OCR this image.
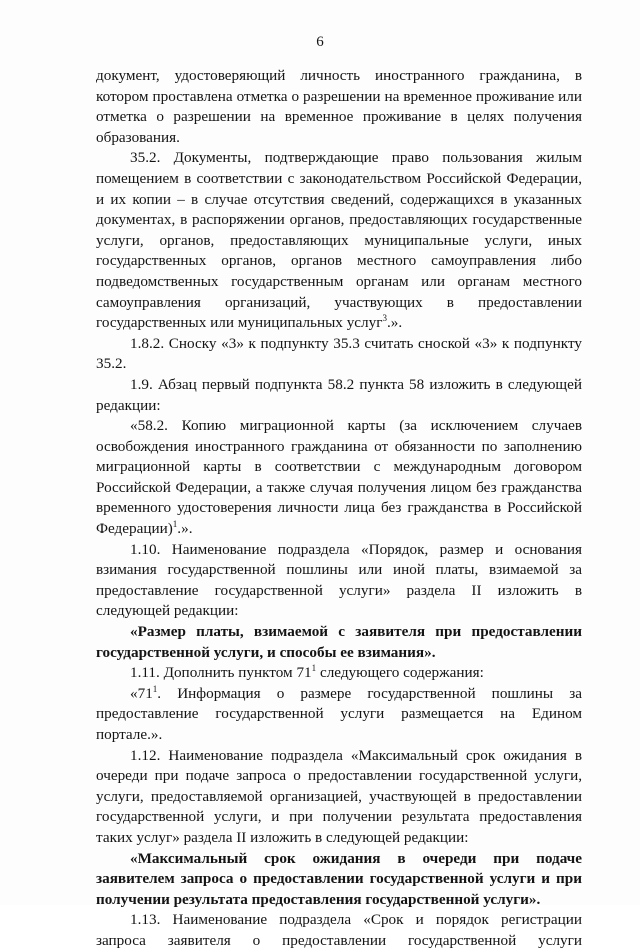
6

документ, удостоверяющий личность иностранного гражданина, в котором проставлена отметка о разрешении на временное проживание или отметка о разрешении на временное проживание в целях получения образования.

35.2. Документы, подтверждающие право пользования жилым помещением в соответствии с законодательством Российской Федерации, и их копии – в случае отсутствия сведений, содержащихся в указанных документах, в распоряжении органов, предоставляющих государственные услуги, органов, предоставляющих муниципальные услуги, иных государственных органов, органов местного самоуправления либо подведомственных государственным органам или органам местного самоуправления организаций, участвующих в предоставлении государственных или муниципальных услуг$^3$.».

1.8.2. Сноску «3» к подпункту 35.3 считать сноской «3» к подпункту 35.2.

1.9. Абзац первый подпункта 58.2 пункта 58 изложить в следующей редакции:

«58.2. Копию миграционной карты (за исключением случаев освобождения иностранного гражданина от обязанности по заполнению миграционной карты в соответствии с международным договором Российской Федерации, а также случая получения лицом без гражданства временного удостоверения личности лица без гражданства в Российской Федерации)$^1$.».

1.10. Наименование подраздела «Порядок, размер и основания взимания государственной пошлины или иной платы, взимаемой за предоставление государственной услуги» раздела II изложить в следующей редакции:

«Размер платы, взимаемой с заявителя при предоставлении государственной услуги, и способы ее взимания».

1.11. Дополнить пунктом $71^1$ следующего содержания:

«$71^1$. Информация о размере государственной пошлины за предоставление государственной услуги размещается на Едином портале.».

1.12. Наименование подраздела «Максимальный срок ожидания в очереди при подаче запроса о предоставлении государственной услуги, услуги, предоставляемой организацией, участвующей в предоставлении государственной услуги, и при получении результата предоставления таких услуг» раздела II изложить в следующей редакции:

«Максимальный срок ожидания в очереди при подаче заявителем запроса о предоставлении государственной услуги и при получении результата предоставления государственной услуги».

1.13. Наименование подраздела «Срок и порядок регистрации запроса заявителя о предоставлении государственной услуги
